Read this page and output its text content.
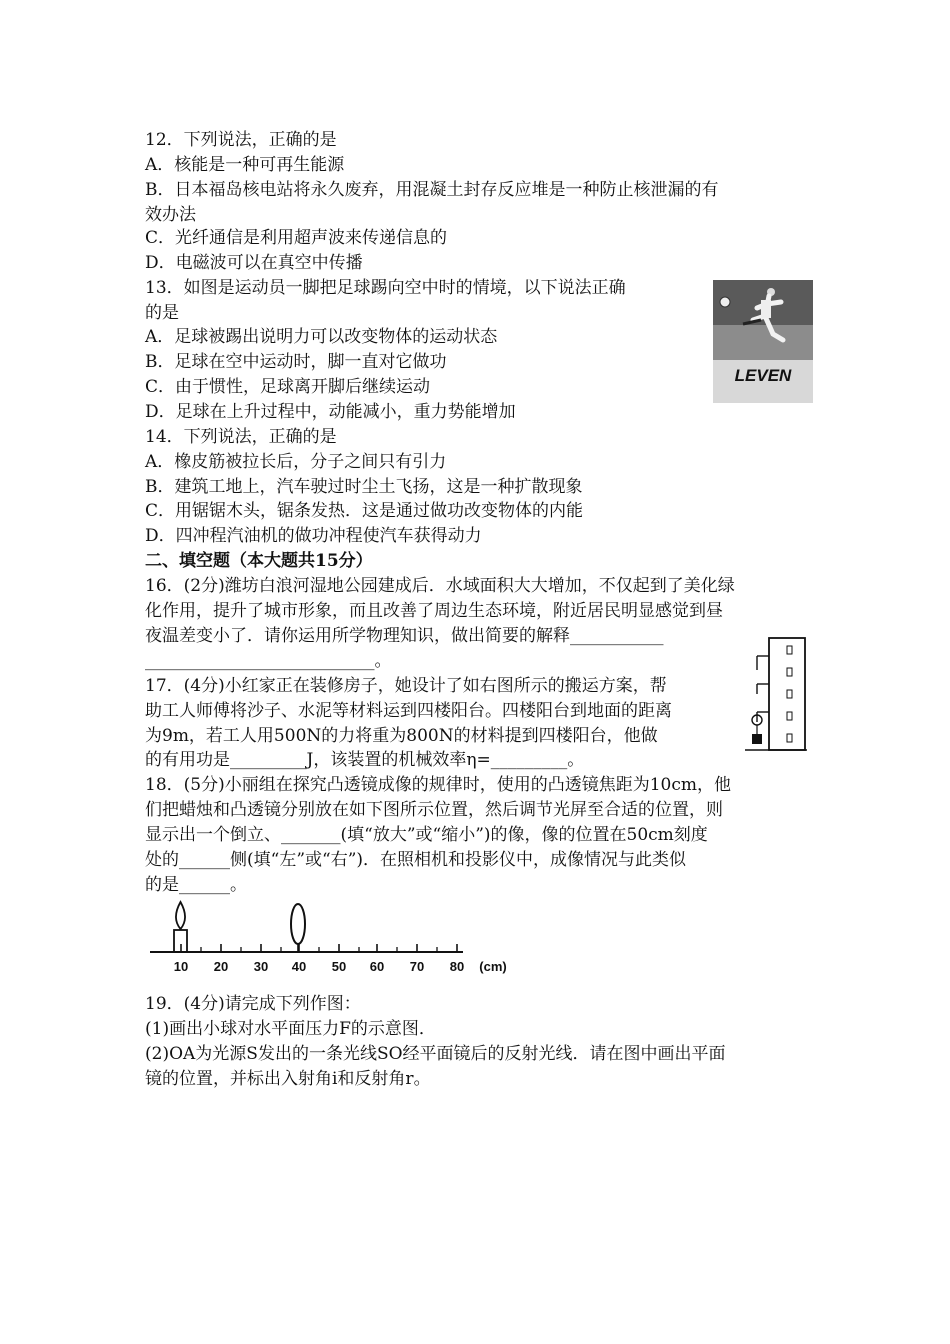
12．下列说法，正确的是
A．核能是一种可再生能源
B．日本福岛核电站将永久废弃，用混凝土封存反应堆是一种防止核泄漏的有
效办法
C．光纤通信是利用超声波来传递信息的
D．电磁波可以在真空中传播
13．如图是运动员一脚把足球踢向空中时的情境，以下说法正确
的是
A．足球被踢出说明力可以改变物体的运动状态
B．足球在空中运动时，脚一直对它做功
C．由于惯性，足球离开脚后继续运动
D．足球在上升过程中，动能减小，重力势能增加
14．下列说法，正确的是
A．橡皮筋被拉长后，分子之间只有引力
B．建筑工地上，汽车驶过时尘土飞扬，这是一种扩散现象
C．用锯锯木头，锯条发热．这是通过做功改变物体的内能
D．四冲程汽油机的做功冲程使汽车获得动力
二、填空题（本大题共15分）
16．(2分)潍坊白浪河湿地公园建成后．水域面积大大增加，不仅起到了美化绿
化作用，提升了城市形象，而且改善了周边生态环境，附近居民明显感觉到昼
夜温差变小了．请你运用所学物理知识，做出简要的解释___________
___________________________。
17．(4分)小红家正在装修房子，她设计了如右图所示的搬运方案，帮
助工人师傅将沙子、水泥等材料运到四楼阳台。四楼阳台到地面的距离
为9m，若工人用500N的力将重为800N的材料提到四楼阳台，他做
的有用功是_________J，该装置的机械效率η=_________。
18．(5分)小丽组在探究凸透镜成像的规律时，使用的凸透镜焦距为10cm，他
们把蜡烛和凸透镜分别放在如下图所示位置，然后调节光屏至合适的位置，则
显示出一个倒立、_______(填“放大”或“缩小”)的像，像的位置在50cm刻度
处的______侧(填“左”或“右”)．在照相机和投影仪中，成像情况与此类似
的是______。
19．(4分)请完成下列作图：
(1)画出小球对水平面压力F的示意图．
(2)OA为光源S发出的一条光线SO经平面镜后的反射光线．请在图中画出平面
镜的位置，并标出入射角i和反射角r。
LEVEN
10 20 30 40 50 60 70 80 (cm)
